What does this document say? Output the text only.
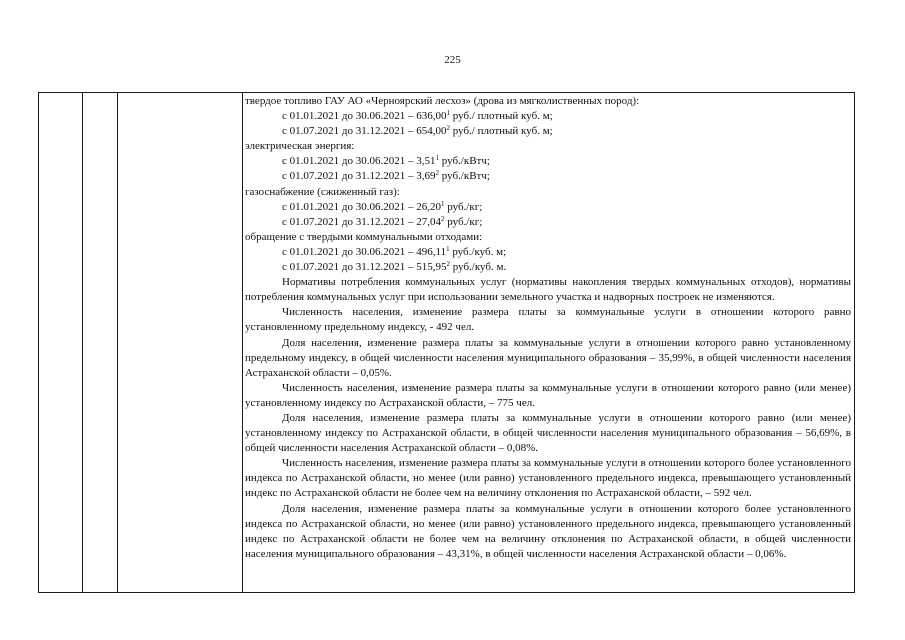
225

твердое топливо ГАУ АО «Черноярский лесхоз» (дрова из мягколиственных пород):

с 01.01.2021 до 30.06.2021 – 636,00$^1$ руб./ плотный куб. м;
с 01.07.2021 до 31.12.2021 – 654,00$^2$ руб./ плотный куб. м;

электрическая энергия:

с 01.01.2021 до 30.06.2021 – 3,51$^1$ руб./кВтч;
с 01.07.2021 до 31.12.2021 – 3,69$^2$ руб./кВтч;

газоснабжение (сжиженный газ):

с 01.01.2021 до 30.06.2021 – 26,20$^1$ руб./кг;
с 01.07.2021 до 31.12.2021 – 27,04$^2$ руб./кг;

обращение с твердыми коммунальными отходами:

с 01.01.2021 до 30.06.2021 – 496,11$^1$ руб./куб. м;
с 01.07.2021 до 31.12.2021 – 515,95$^2$ руб./куб. м.

Нормативы потребления коммунальных услуг (нормативы накопления твердых коммунальных отходов), нормативы потребления коммунальных услуг при использовании земельного участка и надворных построек не изменяются.

Численность населения, изменение размера платы за коммунальные услуги в отношении которого равно установленному предельному индексу, - 492 чел.

Доля населения, изменение размера платы за коммунальные услуги в отношении которого равно установленному предельному индексу, в общей численности населения муниципального образования – 35,99%, в общей численности населения Астраханской области – 0,05%.

Численность населения, изменение размера платы за коммунальные услуги в отношении которого равно (или менее) установленному индексу по Астраханской области, – 775 чел.

Доля населения, изменение размера платы за коммунальные услуги в отношении которого равно (или менее) установленному индексу по Астраханской области, в общей численности населения муниципального образования – 56,69%, в общей численности населения Астраханской области – 0,08%.

Численность населения, изменение размера платы за коммунальные услуги в отношении которого более установленного индекса по Астраханской области, но менее (или равно) установленного предельного индекса, превышающего установленный индекс по Астраханской области не более чем на величину отклонения по Астраханской области, – 592 чел.

Доля населения, изменение размера платы за коммунальные услуги в отношении которого более установленного индекса по Астраханской области, но менее (или равно) установленного предельного индекса, превышающего установленный индекс по Астраханской области не более чем на величину отклонения по Астраханской области, в общей численности населения муниципального образования – 43,31%, в общей численности населения Астраханской области – 0,06%.
